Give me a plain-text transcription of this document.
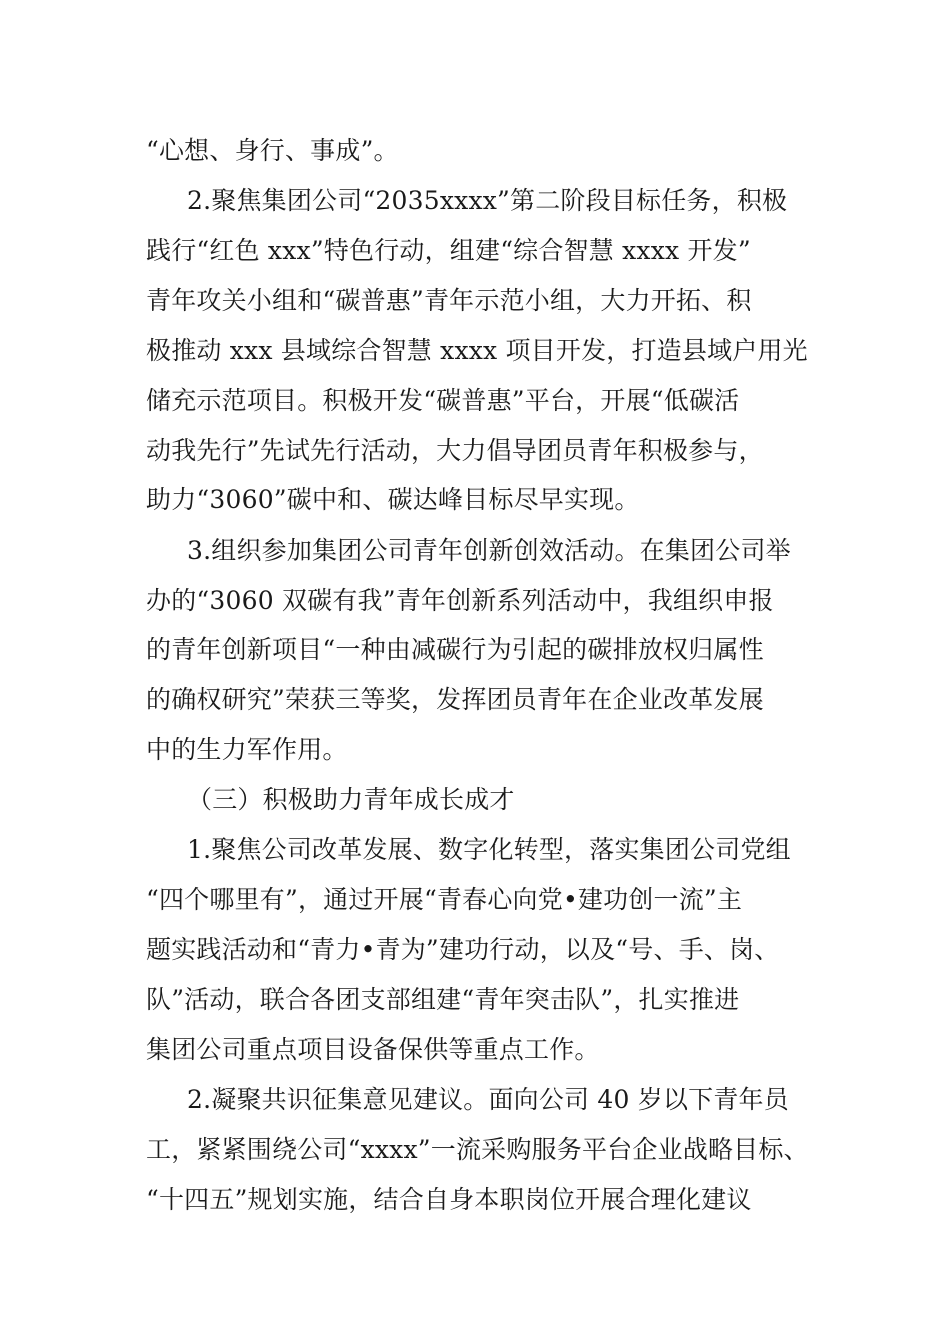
“心想、身行、事成”。
2.聚焦集团公司“2035xxxx”第二阶段目标任务，积极
践行“红色 xxx”特色行动，组建“综合智慧 xxxx 开发”
青年攻关小组和“碳普惠”青年示范小组，大力开拓、积
极推动 xxx 县域综合智慧 xxxx 项目开发，打造县域户用光
储充示范项目。积极开发“碳普惠”平台，开展“低碳活
动我先行”先试先行活动，大力倡导团员青年积极参与，
助力“3060”碳中和、碳达峰目标尽早实现。
3.组织参加集团公司青年创新创效活动。在集团公司举
办的“3060 双碳有我”青年创新系列活动中，我组织申报
的青年创新项目“一种由减碳行为引起的碳排放权归属性
的确权研究”荣获三等奖，发挥团员青年在企业改革发展
中的生力军作用。
（三）积极助力青年成长成才
1.聚焦公司改革发展、数字化转型，落实集团公司党组
“四个哪里有”，通过开展“青春心向党•建功创一流”主
题实践活动和“青力•青为”建功行动，以及“号、手、岗、
队”活动，联合各团支部组建“青年突击队”，扎实推进
集团公司重点项目设备保供等重点工作。
2.凝聚共识征集意见建议。面向公司 40 岁以下青年员
工，紧紧围绕公司“xxxx”一流采购服务平台企业战略目标、
“十四五”规划实施，结合自身本职岗位开展合理化建议
